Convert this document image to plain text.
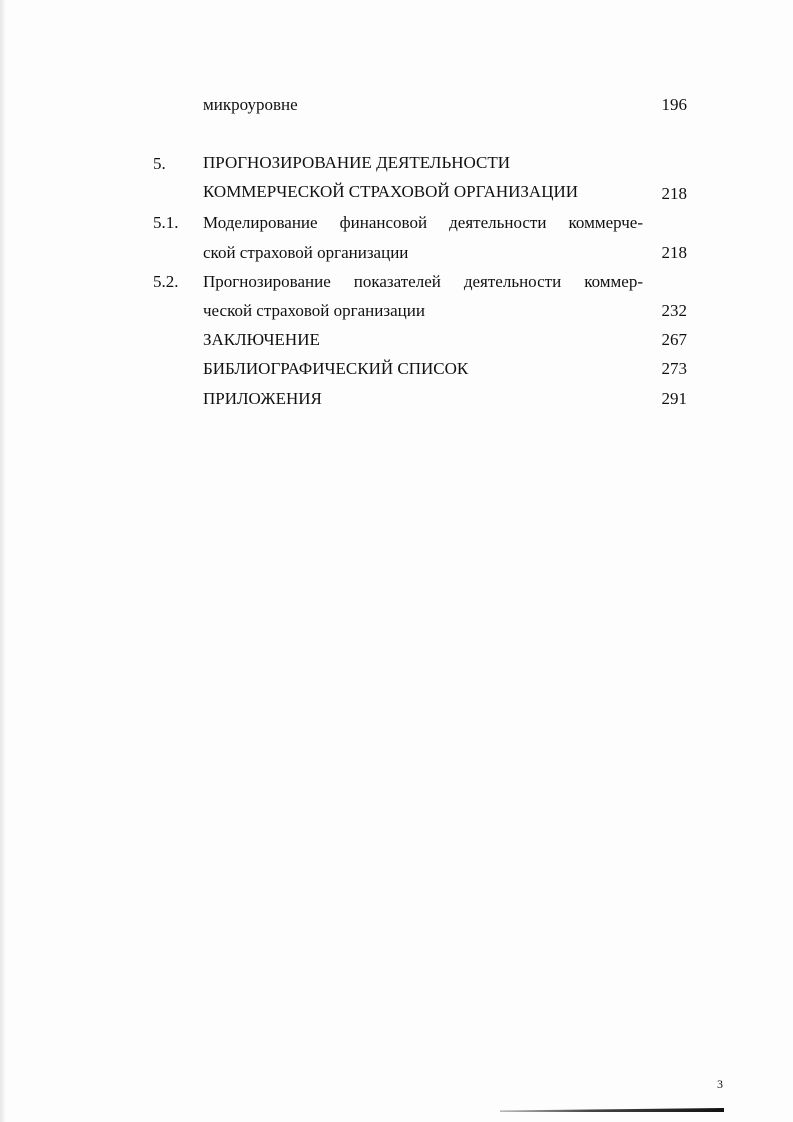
микроуровне	196
5. ПРОГНОЗИРОВАНИЕ ДЕЯТЕЛЬНОСТИ
КОММЕРЧЕСКОЙ СТРАХОВОЙ ОРГАНИЗАЦИИ	218
5.1. Моделирование финансовой деятельности коммерче-
ской страховой организации	218
5.2. Прогнозирование показателей деятельности коммер-
ческой страховой организации	232
ЗАКЛЮЧЕНИЕ	267
БИБЛИОГРАФИЧЕСКИЙ СПИСОК	273
ПРИЛОЖЕНИЯ	291
3
